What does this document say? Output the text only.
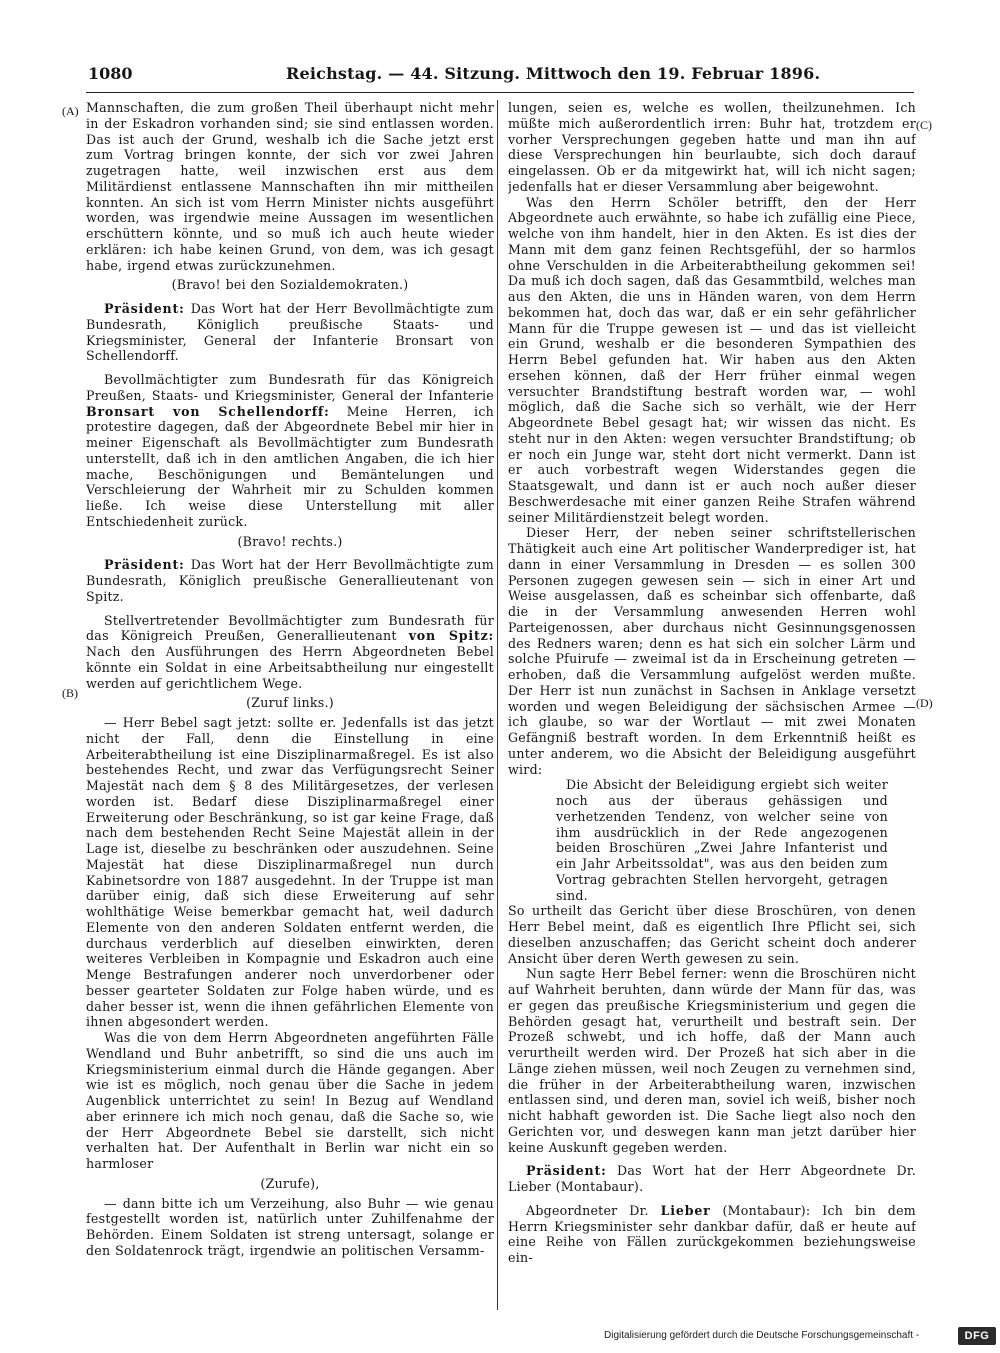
1080	Reichstag. — 44. Sitzung. Mittwoch den 19. Februar 1896.
(A)
(B)
(C)
(D)

Mannschaften, die zum großen Theil überhaupt nicht mehr in der Eskadron vorhanden sind; sie sind entlassen worden. Das ist auch der Grund, weshalb ich die Sache jetzt erst zum Vortrag bringen konnte, der sich vor zwei Jahren zugetragen hatte, weil inzwischen erst aus dem Militärdienst entlassene Mannschaften ihn mir mittheilen konnten. An sich ist vom Herrn Minister nichts ausgeführt worden, was irgendwie meine Aussagen im wesentlichen erschüttern könnte, und so muß ich auch heute wieder erklären: ich habe keinen Grund, von dem, was ich gesagt habe, irgend etwas zurückzunehmen.

(Bravo! bei den Sozialdemokraten.)

Präsident: Das Wort hat der Herr Bevollmächtigte zum Bundesrath, Königlich preußische Staats- und Kriegsminister, General der Infanterie Bronsart von Schellendorff.

Bevollmächtigter zum Bundesrath für das Königreich Preußen, Staats- und Kriegsminister, General der Infanterie Bronsart von Schellendorff: Meine Herren, ich protestire dagegen, daß der Abgeordnete Bebel mir hier in meiner Eigenschaft als Bevollmächtigter zum Bundesrath unterstellt, daß ich in den amtlichen Angaben, die ich hier mache, Beschönigungen und Bemäntelungen und Verschleierung der Wahrheit mir zu Schulden kommen ließe. Ich weise diese Unterstellung mit aller Entschiedenheit zurück.

(Bravo! rechts.)

Präsident: Das Wort hat der Herr Bevollmächtigte zum Bundesrath, Königlich preußische Generallieutenant von Spitz.

Stellvertretender Bevollmächtigter zum Bundesrath für das Königreich Preußen, Generallieutenant von Spitz: Nach den Ausführungen des Herrn Abgeordneten Bebel könnte ein Soldat in eine Arbeitsabtheilung nur eingestellt werden auf gerichtlichem Wege.

(Zuruf links.)

— Herr Bebel sagt jetzt: sollte er. Jedenfalls ist das jetzt nicht der Fall, denn die Einstellung in eine Arbeiterabtheilung ist eine Disziplinarmaßregel. Es ist also bestehendes Recht, und zwar das Verfügungsrecht Seiner Majestät nach dem § 8 des Militärgesetzes, der verlesen worden ist. Bedarf diese Disziplinarmaßregel einer Erweiterung oder Beschränkung, so ist gar keine Frage, daß nach dem bestehenden Recht Seine Majestät allein in der Lage ist, dieselbe zu beschränken oder auszudehnen. Seine Majestät hat diese Disziplinarmaßregel nun durch Kabinetsordre von 1887 ausgedehnt. In der Truppe ist man darüber einig, daß sich diese Erweiterung auf sehr wohlthätige Weise bemerkbar gemacht hat, weil dadurch Elemente von den anderen Soldaten entfernt werden, die durchaus verderblich auf dieselben einwirkten, deren weiteres Verbleiben in Kompagnie und Eskadron auch eine Menge Bestrafungen anderer noch unverdorbener oder besser gearteter Soldaten zur Folge haben würde, und es daher besser ist, wenn die ihnen gefährlichen Elemente von ihnen abgesondert werden.

Was die von dem Herrn Abgeordneten angeführten Fälle Wendland und Buhr anbetrifft, so sind die uns auch im Kriegsministerium einmal durch die Hände gegangen. Aber wie ist es möglich, noch genau über die Sache in jedem Augenblick unterrichtet zu sein! In Bezug auf Wendland aber erinnere ich mich noch genau, daß die Sache so, wie der Herr Abgeordnete Bebel sie darstellt, sich nicht verhalten hat. Der Aufenthalt in Berlin war nicht ein so harmloser

(Zurufe),

— dann bitte ich um Verzeihung, also Buhr — wie genau festgestellt worden ist, natürlich unter Zuhilfenahme der Behörden. Einem Soldaten ist streng untersagt, solange er den Soldatenrock trägt, irgendwie an politischen Versamm-

lungen, seien es, welche es wollen, theilzunehmen. Ich müßte mich außerordentlich irren: Buhr hat, trotzdem er vorher Versprechungen gegeben hatte und man ihn auf diese Versprechungen hin beurlaubte, sich doch darauf eingelassen. Ob er da mitgewirkt hat, will ich nicht sagen; jedenfalls hat er dieser Versammlung aber beigewohnt.

Was den Herrn Schöler betrifft, den der Herr Abgeordnete auch erwähnte, so habe ich zufällig eine Piece, welche von ihm handelt, hier in den Akten. Es ist dies der Mann mit dem ganz feinen Rechtsgefühl, der so harmlos ohne Verschulden in die Arbeiterabtheilung gekommen sei! Da muß ich doch sagen, daß das Gesammtbild, welches man aus den Akten, die uns in Händen waren, von dem Herrn bekommen hat, doch das war, daß er ein sehr gefährlicher Mann für die Truppe gewesen ist — und das ist vielleicht ein Grund, weshalb er die besonderen Sympathien des Herrn Bebel gefunden hat. Wir haben aus den Akten ersehen können, daß der Herr früher einmal wegen versuchter Brandstiftung bestraft worden war, — wohl möglich, daß die Sache sich so verhält, wie der Herr Abgeordnete Bebel gesagt hat; wir wissen das nicht. Es steht nur in den Akten: wegen versuchter Brandstiftung; ob er noch ein Junge war, steht dort nicht vermerkt. Dann ist er auch vorbestraft wegen Widerstandes gegen die Staatsgewalt, und dann ist er auch noch außer dieser Beschwerdesache mit einer ganzen Reihe Strafen während seiner Militärdienstzeit belegt worden.

Dieser Herr, der neben seiner schriftstellerischen Thätigkeit auch eine Art politischer Wanderprediger ist, hat dann in einer Versammlung in Dresden — es sollen 300 Personen zugegen gewesen sein — sich in einer Art und Weise ausgelassen, daß es scheinbar sich offenbarte, daß die in der Versammlung anwesenden Herren wohl Parteigenossen, aber durchaus nicht Gesinnungsgenossen des Redners waren; denn es hat sich ein solcher Lärm und solche Pfuirufe — zweimal ist da in Erscheinung getreten — erhoben, daß die Versammlung aufgelöst werden mußte. Der Herr ist nun zunächst in Sachsen in Anklage versetzt worden und wegen Beleidigung der sächsischen Armee — ich glaube, so war der Wortlaut — mit zwei Monaten Gefängniß bestraft worden. In dem Erkenntniß heißt es unter anderem, wo die Absicht der Beleidigung ausgeführt wird:

Die Absicht der Beleidigung ergiebt sich weiter noch aus der überaus gehässigen und verhetzenden Tendenz, von welcher seine von ihm ausdrücklich in der Rede angezogenen beiden Broschüren „Zwei Jahre Infanterist und ein Jahr Arbeitssoldat", was aus den beiden zum Vortrag gebrachten Stellen hervorgeht, getragen sind.

So urtheilt das Gericht über diese Broschüren, von denen Herr Bebel meint, daß es eigentlich Ihre Pflicht sei, sich dieselben anzuschaffen; das Gericht scheint doch anderer Ansicht über deren Werth gewesen zu sein.

Nun sagte Herr Bebel ferner: wenn die Broschüren nicht auf Wahrheit beruhten, dann würde der Mann für das, was er gegen das preußische Kriegsministerium und gegen die Behörden gesagt hat, verurtheilt und bestraft sein. Der Prozeß schwebt, und ich hoffe, daß der Mann auch verurtheilt werden wird. Der Prozeß hat sich aber in die Länge ziehen müssen, weil noch Zeugen zu vernehmen sind, die früher in der Arbeiterabtheilung waren, inzwischen entlassen sind, und deren man, soviel ich weiß, bisher noch nicht habhaft geworden ist. Die Sache liegt also noch den Gerichten vor, und deswegen kann man jetzt darüber hier keine Auskunft gegeben werden.

Präsident: Das Wort hat der Herr Abgeordnete Dr. Lieber (Montabaur).

Abgeordneter Dr. Lieber (Montabaur): Ich bin dem Herrn Kriegsminister sehr dankbar dafür, daß er heute auf eine Reihe von Fällen zurückgekommen beziehungsweise ein-

Digitalisierung gefördert durch die Deutsche Forschungsgemeinschaft -	DFG
